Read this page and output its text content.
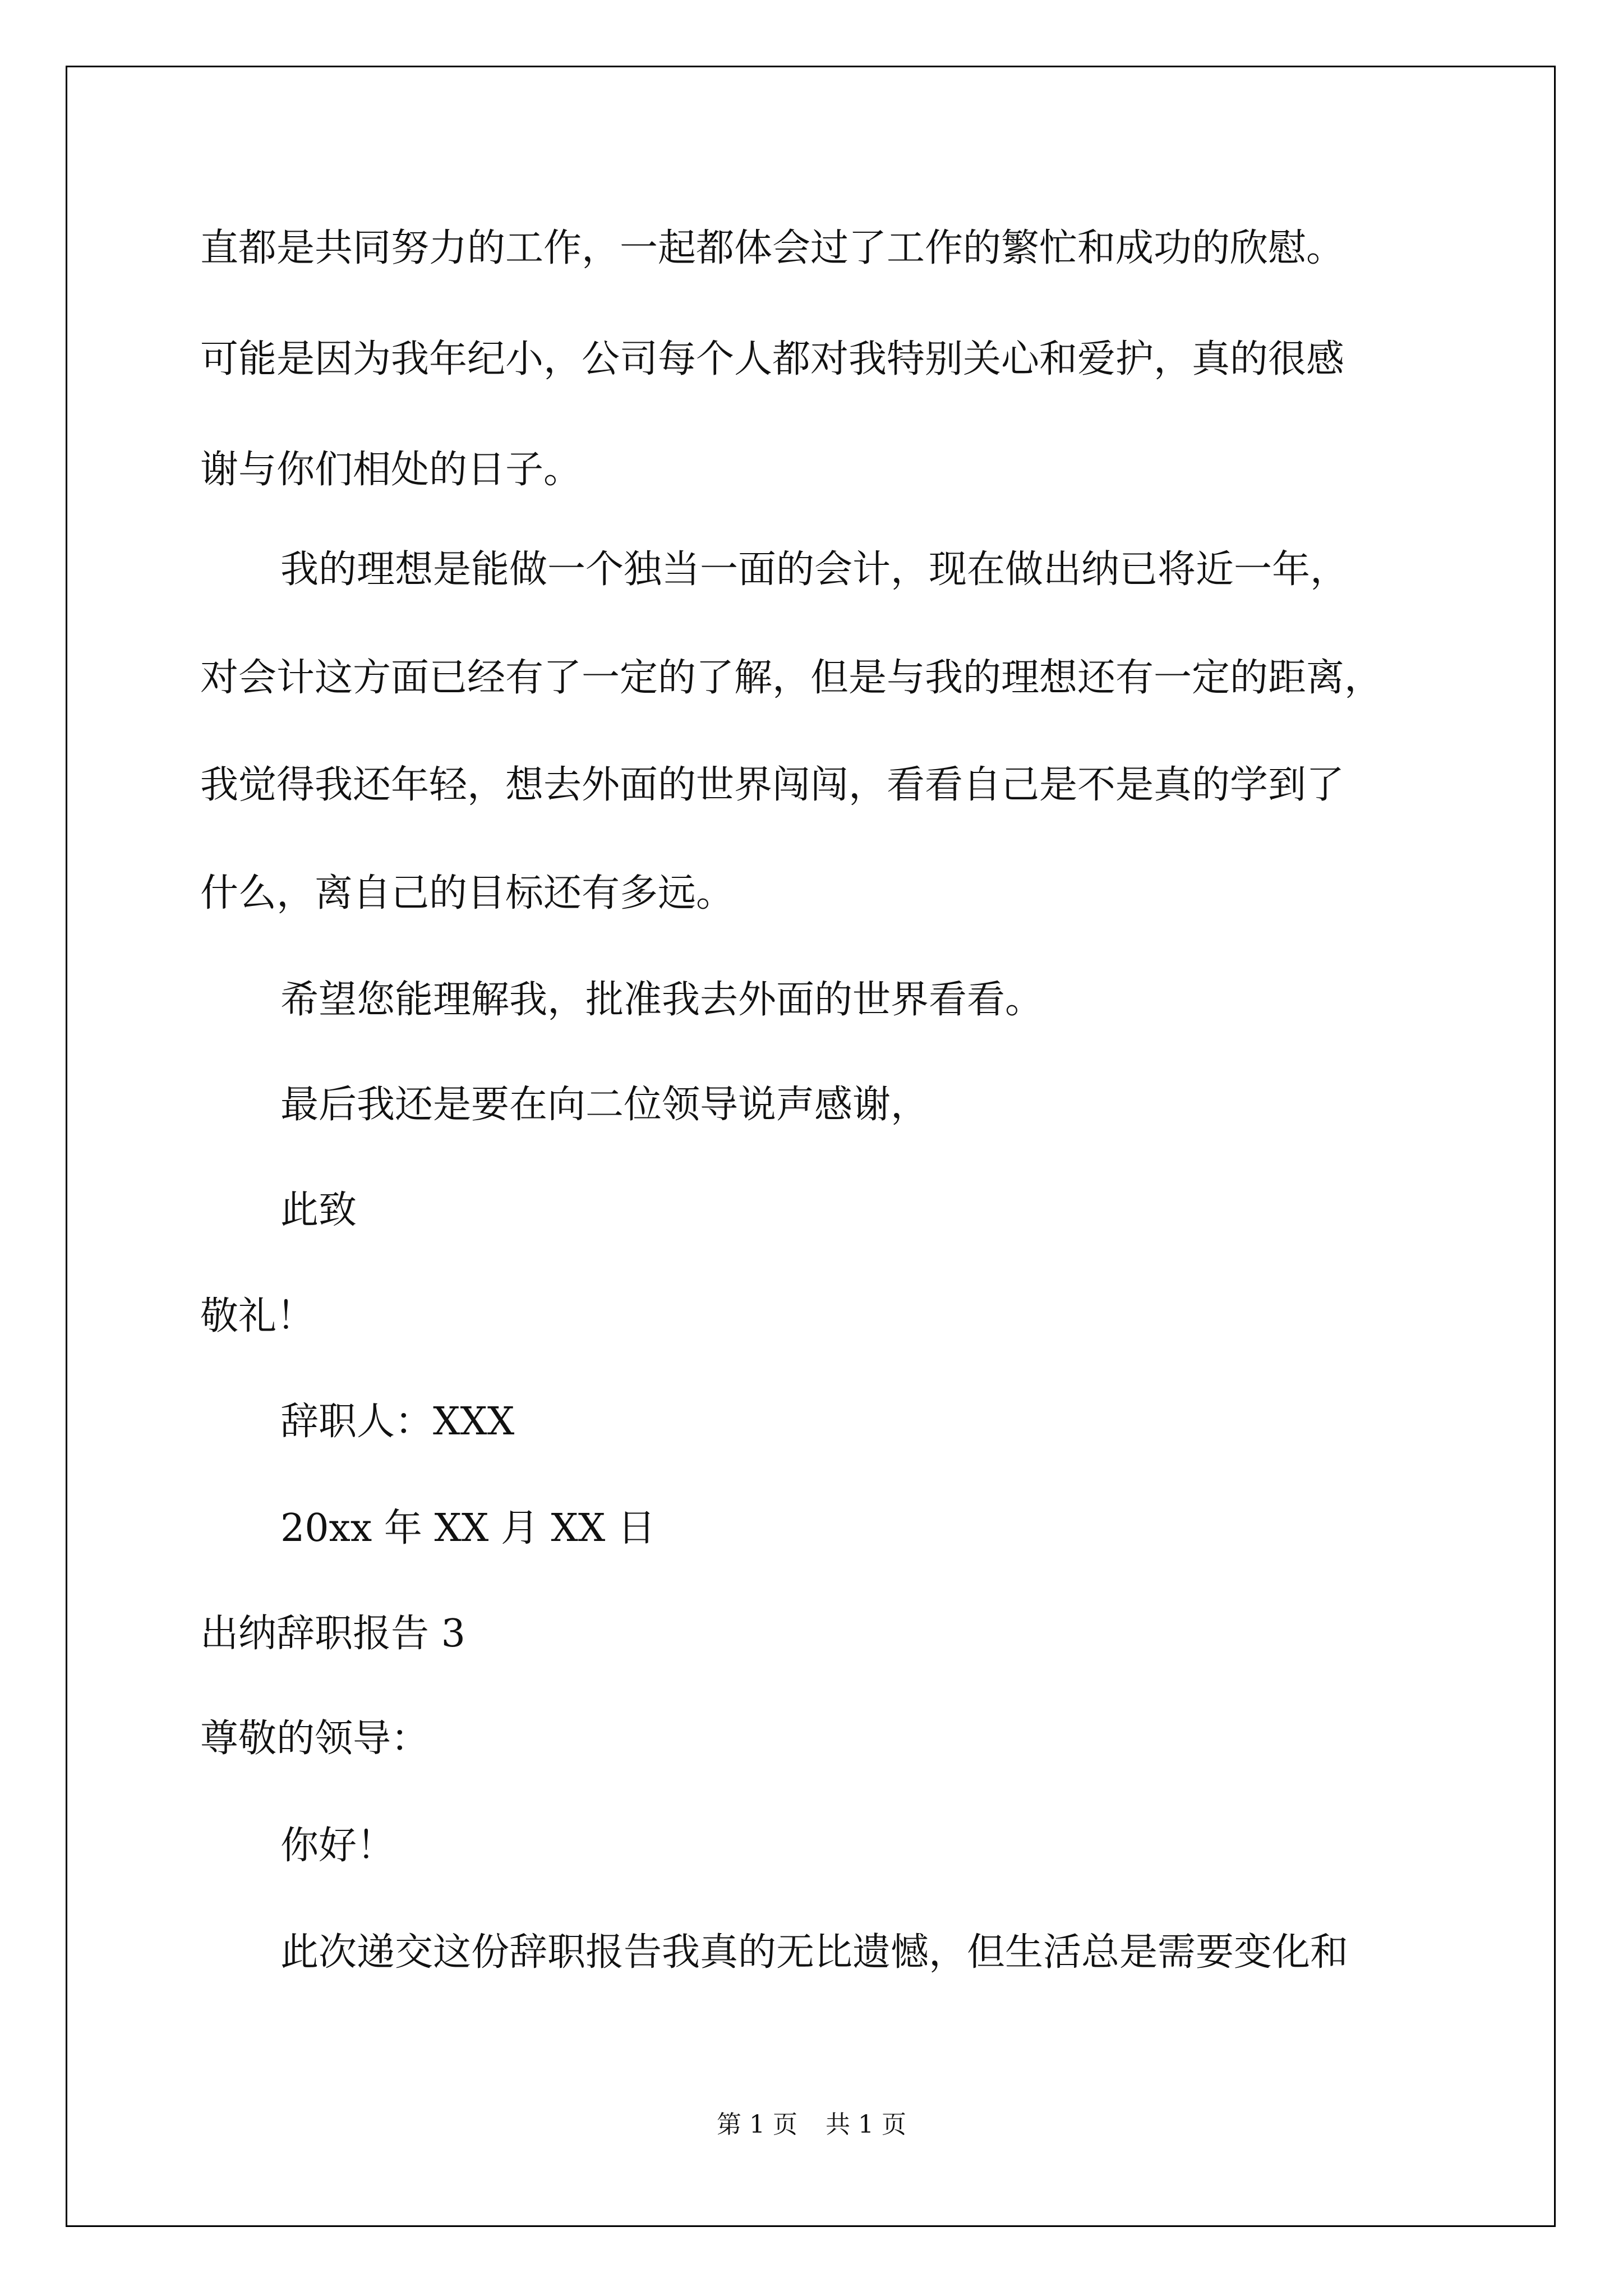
直都是共同努力的工作，一起都体会过了工作的繁忙和成功的欣慰。
可能是因为我年纪小，公司每个人都对我特别关心和爱护，真的很感
谢与你们相处的日子。
我的理想是能做一个独当一面的会计，现在做出纳已将近一年，
对会计这方面已经有了一定的了解，但是与我的理想还有一定的距离，
我觉得我还年轻，想去外面的世界闯闯，看看自己是不是真的学到了
什么，离自己的目标还有多远。
希望您能理解我，批准我去外面的世界看看。
最后我还是要在向二位领导说声感谢，
此致
敬礼！
辞职人：XXX
20xx 年 XX 月 XX 日
出纳辞职报告 3
尊敬的领导：
你好！
此次递交这份辞职报告我真的无比遗憾，但生活总是需要变化和
第 1 页 共 1 页
